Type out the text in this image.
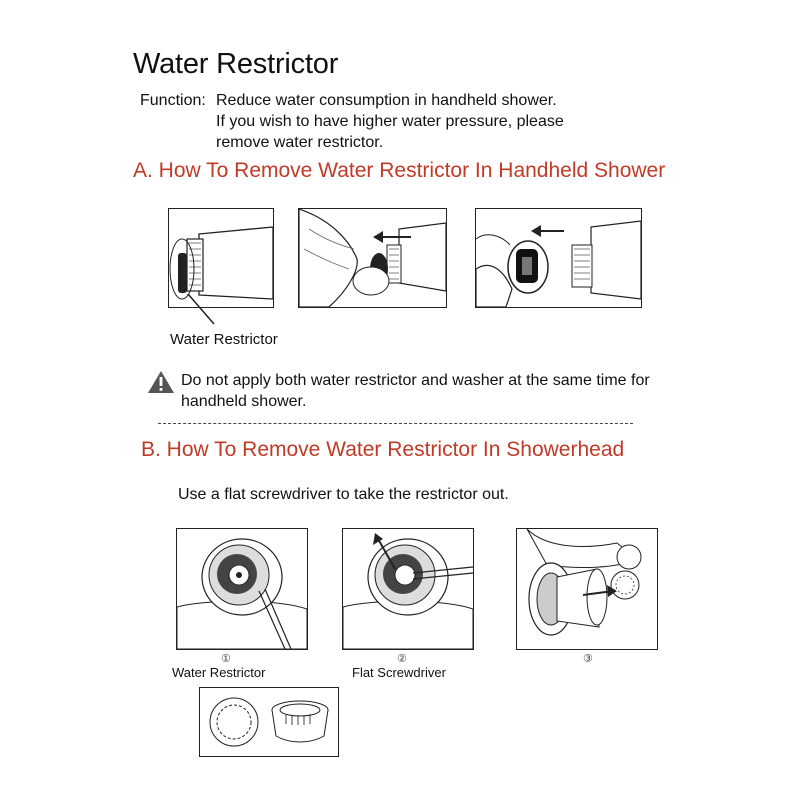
Water Restrictor
Function: Reduce water consumption in handheld shower.
If you wish to have higher water pressure, please
remove water restrictor.
A. How To Remove Water Restrictor In Handheld Shower
Water Restrictor
Do not apply both water restrictor and washer at the same time for handheld shower.
B. How To Remove Water Restrictor In Showerhead
Use a flat screwdriver to take the restrictor out.
①
Water Restrictor
②
Flat Screwdriver
③
